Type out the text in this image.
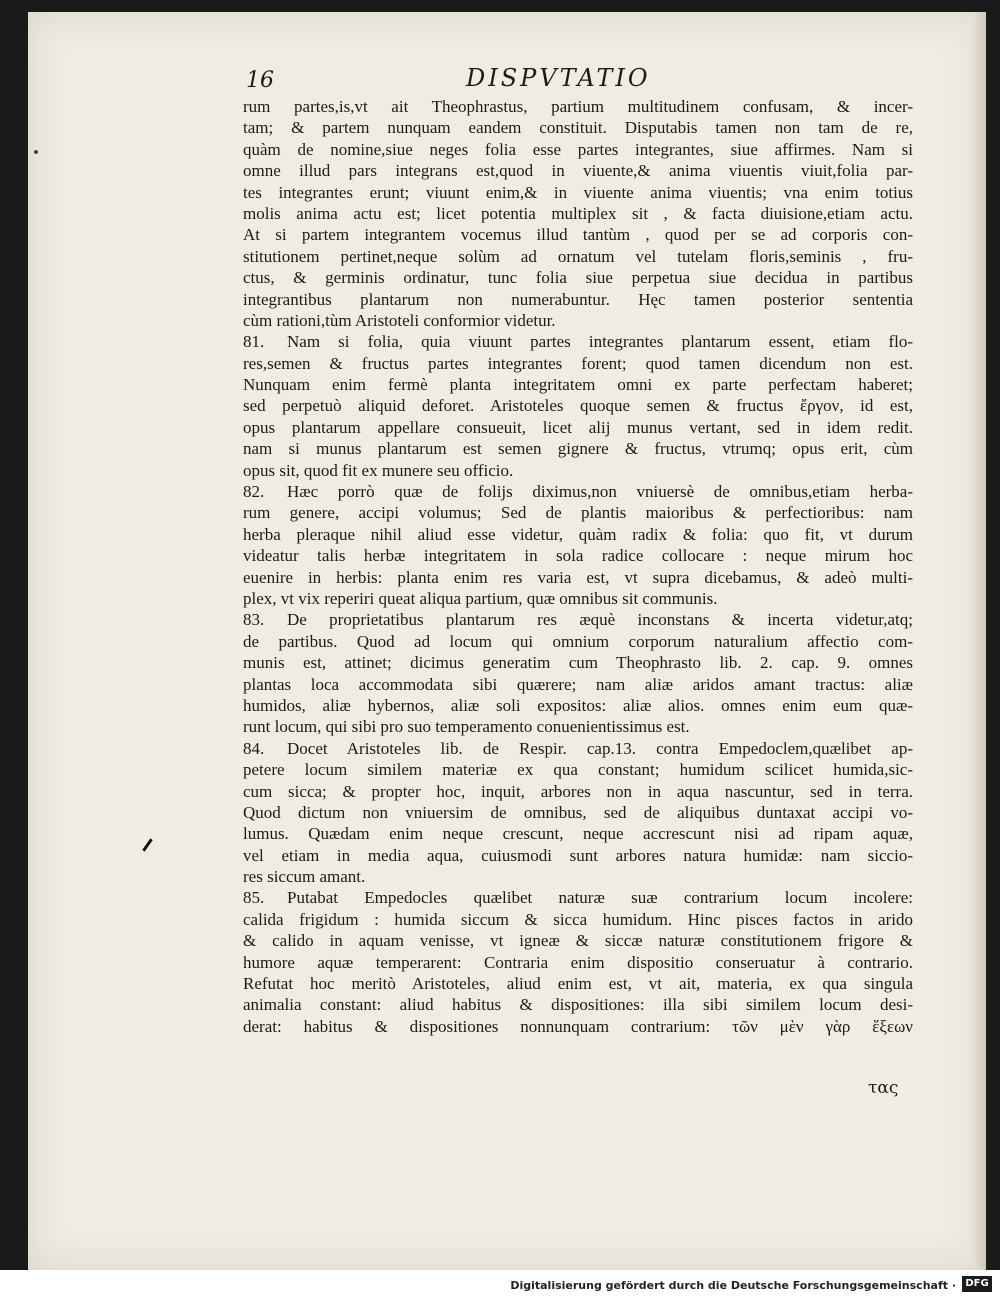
16	DISPVTATIO
rum partes,is,vt ait Theophrastus, partium multitudinem confusam, & incer-
tam; & partem nunquam eandem constituit. Disputabis tamen non tam de re,
quàm de nomine,siue neges folia esse partes integrantes, siue affirmes. Nam si
omne illud pars integrans est,quod in viuente,& anima viuentis viuit,folia par-
tes integrantes erunt; viuunt enim,& in viuente anima viuentis; vna enim totius
molis anima actu est; licet potentia multiplex sit , & facta diuisione,etiam actu.
At si partem integrantem vocemus illud tantùm , quod per se ad corporis con-
stitutionem pertinet,neque solùm ad ornatum vel tutelam floris,seminis , fru-
ctus, & germinis ordinatur, tunc folia siue perpetua siue decidua in partibus
integrantibus plantarum non numerabuntur. Hęc tamen posterior sententia
cùm rationi,tùm Aristoteli conformior videtur.
81. Nam si folia, quia viuunt partes integrantes plantarum essent, etiam flo-
res,semen & fructus partes integrantes forent; quod tamen dicendum non est.
Nunquam enim fermè planta integritatem omni ex parte perfectam haberet;
sed perpetuò aliquid deforet. Aristoteles quoque semen & fructus ἔργον, id est,
opus plantarum appellare consueuit, licet alij munus vertant, sed in idem redit.
nam si munus plantarum est semen gignere & fructus, vtrumq; opus erit, cùm
opus sit, quod fit ex munere seu officio.
82. Hæc porrò quæ de folijs diximus,non vniuersè de omnibus,etiam herba-
rum genere, accipi volumus; Sed de plantis maioribus & perfectioribus: nam
herba pleraque nihil aliud esse videtur, quàm radix & folia: quo fit, vt durum
videatur talis herbæ integritatem in sola radice collocare : neque mirum hoc
euenire in herbis: planta enim res varia est, vt supra dicebamus, & adeò multi-
plex, vt vix reperiri queat aliqua partium, quæ omnibus sit communis.
83. De proprietatibus plantarum res æquè inconstans & incerta videtur,atq;
de partibus. Quod ad locum qui omnium corporum naturalium affectio com-
munis est, attinet; dicimus generatim cum Theophrasto lib. 2. cap. 9. omnes
plantas loca accommodata sibi quærere; nam aliæ aridos amant tractus: aliæ
humidos, aliæ hybernos, aliæ soli expositos: aliæ alios. omnes enim eum quæ-
runt locum, qui sibi pro suo temperamento conuenientissimus est.
84. Docet Aristoteles lib. de Respir. cap.13. contra Empedoclem,quælibet ap-
petere locum similem materiæ ex qua constant; humidum scilicet humida,sic-
cum sicca; & propter hoc, inquit, arbores non in aqua nascuntur, sed in terra.
Quod dictum non vniuersim de omnibus, sed de aliquibus duntaxat accipi vo-
lumus. Quædam enim neque crescunt, neque accrescunt nisi ad ripam aquæ,
vel etiam in media aqua, cuiusmodi sunt arbores natura humidæ: nam siccio-
res siccum amant.
85. Putabat Empedocles quælibet naturæ suæ contrarium locum incolere:
calida frigidum : humida siccum & sicca humidum. Hinc pisces factos in arido
& calido in aquam venisse, vt igneæ & siccæ naturæ constitutionem frigore &
humore aquæ temperarent: Contraria enim dispositio conseruatur à contrario.
Refutat hoc meritò Aristoteles, aliud enim est, vt ait, materia, ex qua singula
animalia constant: aliud habitus & dispositiones: illa sibi similem locum desi-
derat: habitus & dispositiones nonnunquam contrarium: τῶν μὲν γὰρ ἕξεων
τας
Digitalisierung gefördert durch die Deutsche Forschungsgemeinschaft · DFG
